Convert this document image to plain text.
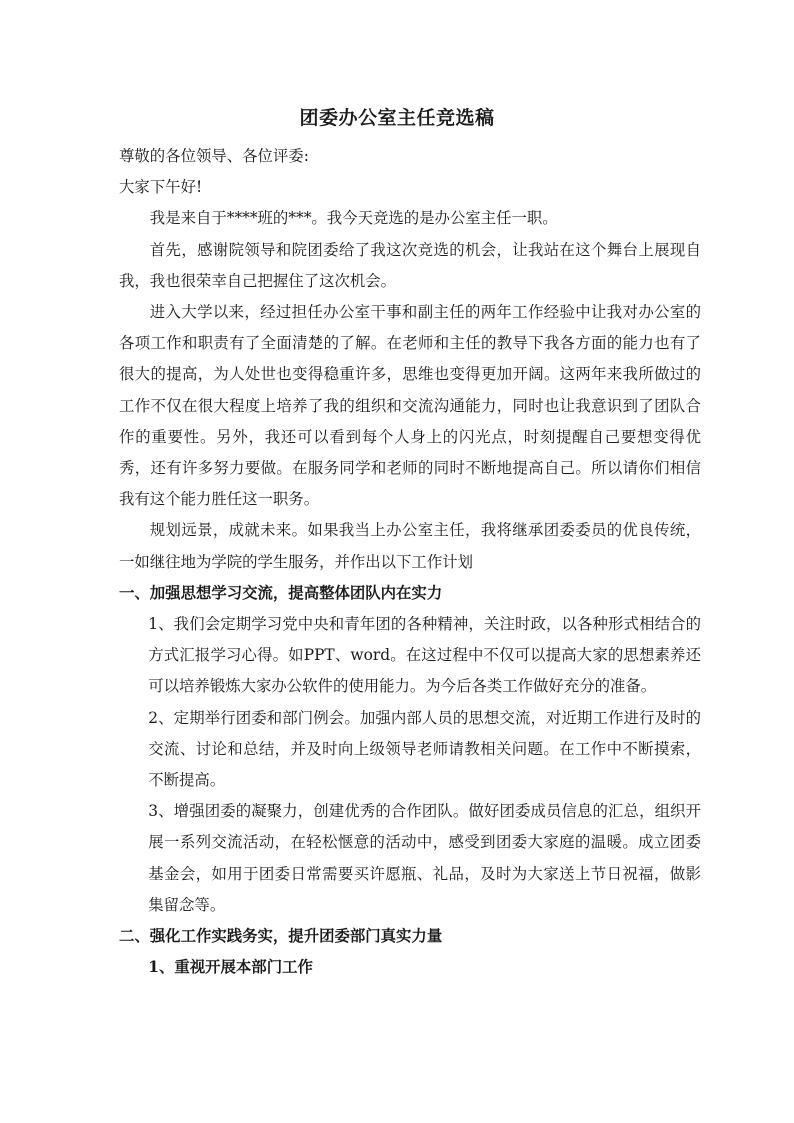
团委办公室主任竞选稿

尊敬的各位领导、各位评委:

大家下午好!

我是来自于****班的***。我今天竞选的是办公室主任一职。

首先，感谢院领导和院团委给了我这次竞选的机会，让我站在这个舞台上展现自我，我也很荣幸自己把握住了这次机会。

进入大学以来，经过担任办公室干事和副主任的两年工作经验中让我对办公室的各项工作和职责有了全面清楚的了解。在老师和主任的教导下我各方面的能力也有了很大的提高，为人处世也变得稳重许多，思维也变得更加开阔。这两年来我所做过的工作不仅在很大程度上培养了我的组织和交流沟通能力，同时也让我意识到了团队合作的重要性。另外，我还可以看到每个人身上的闪光点，时刻提醒自己要想变得优秀，还有许多努力要做。在服务同学和老师的同时不断地提高自己。所以请你们相信我有这个能力胜任这一职务。

规划远景，成就未来。如果我当上办公室主任，我将继承团委委员的优良传统，一如继往地为学院的学生服务，并作出以下工作计划

一、加强思想学习交流，提高整体团队内在实力

1、我们会定期学习党中央和青年团的各种精神，关注时政，以各种形式相结合的方式汇报学习心得。如PPT、word。在这过程中不仅可以提高大家的思想素养还可以培养锻炼大家办公软件的使用能力。为今后各类工作做好充分的准备。

2、定期举行团委和部门例会。加强内部人员的思想交流，对近期工作进行及时的交流、讨论和总结，并及时向上级领导老师请教相关问题。在工作中不断摸索，不断提高。

3、增强团委的凝聚力，创建优秀的合作团队。做好团委成员信息的汇总，组织开展一系列交流活动，在轻松惬意的活动中，感受到团委大家庭的温暖。成立团委基金会，如用于团委日常需要买许愿瓶、礼品，及时为大家送上节日祝福，做影集留念等。

二、强化工作实践务实，提升团委部门真实力量

1、重视开展本部门工作
